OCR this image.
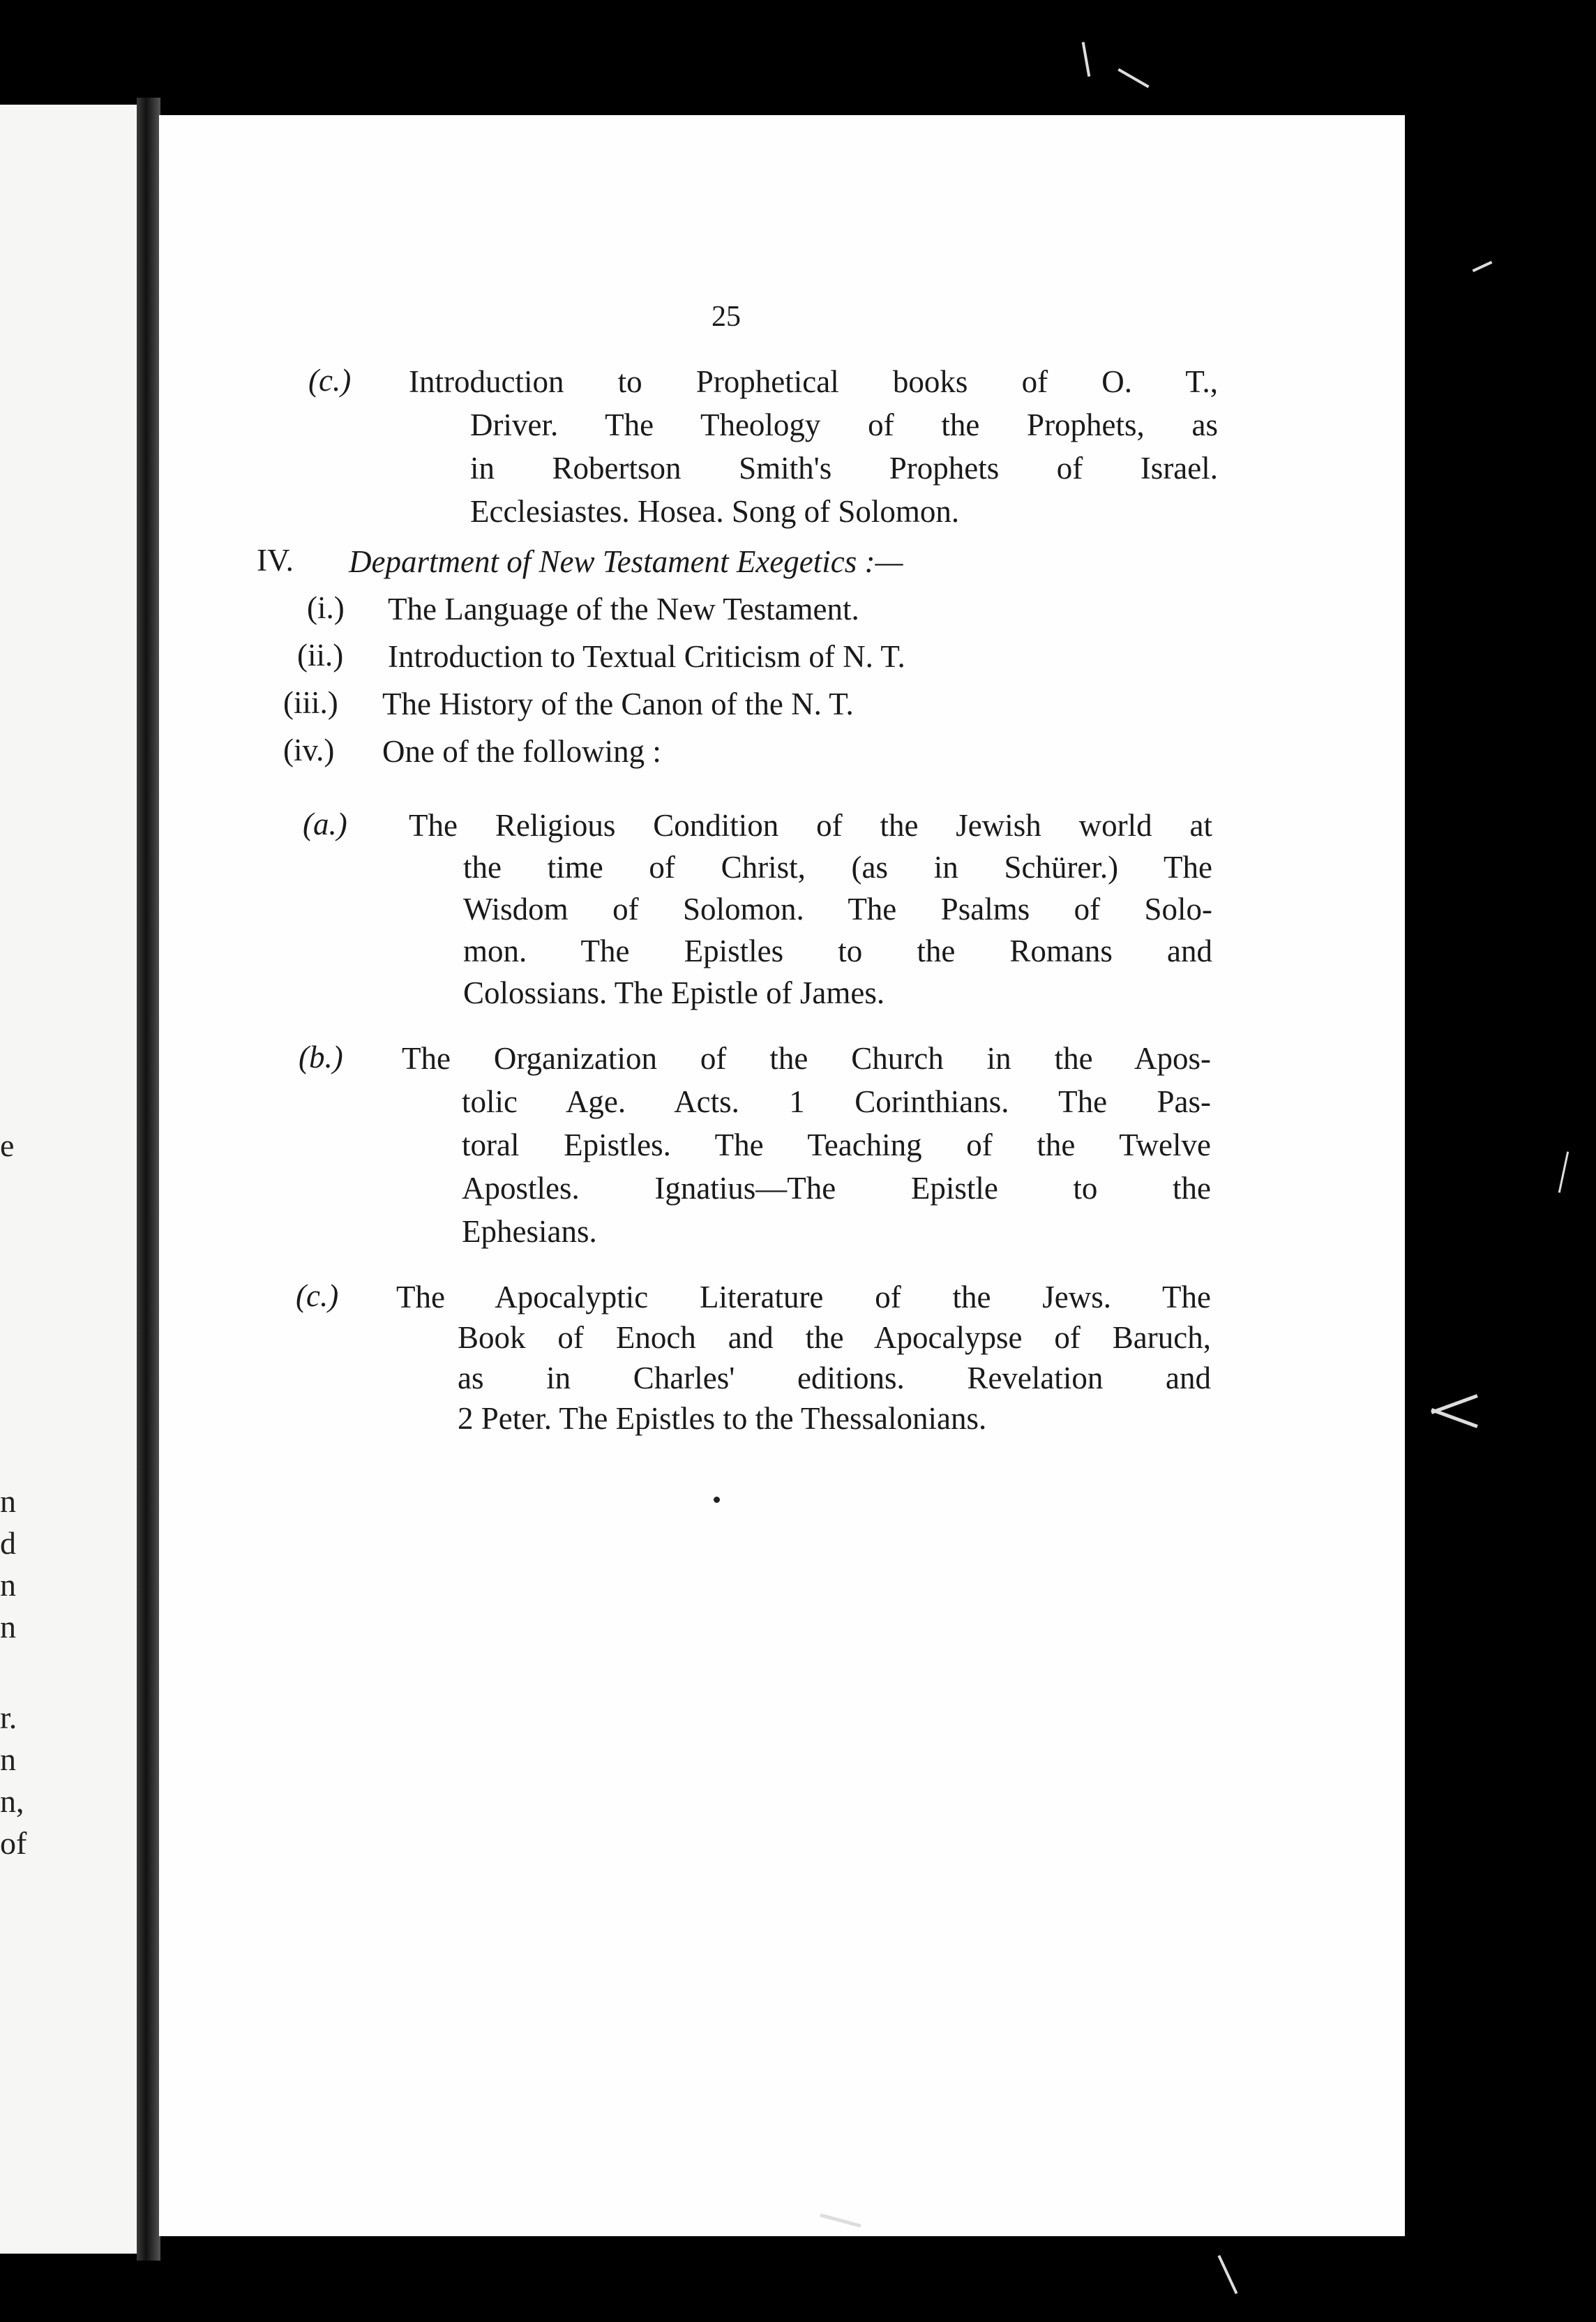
e
n
d
n
n
r.
n
n,
of
25
(c.) Introduction to Prophetical books of O. T.,
Driver. The Theology of the Prophets, as
in Robertson Smith's Prophets of Israel.
Ecclesiastes. Hosea. Song of Solomon.
IV. Department of New Testament Exegetics :—
(i.) The Language of the New Testament.
(ii.) Introduction to Textual Criticism of N. T.
(iii.) The History of the Canon of the N. T.
(iv.) One of the following :
(a.) The Religious Condition of the Jewish world at
the time of Christ, (as in Schürer.) The
Wisdom of Solomon. The Psalms of Solo-
mon. The Epistles to the Romans and
Colossians. The Epistle of James.
(b.) The Organization of the Church in the Apos-
tolic Age. Acts. 1 Corinthians. The Pas-
toral Epistles. The Teaching of the Twelve
Apostles. Ignatius—The Epistle to the
Ephesians.
(c.) The Apocalyptic Literature of the Jews. The
Book of Enoch and the Apocalypse of Baruch,
as in Charles' editions. Revelation and
2 Peter. The Epistles to the Thessalonians.
